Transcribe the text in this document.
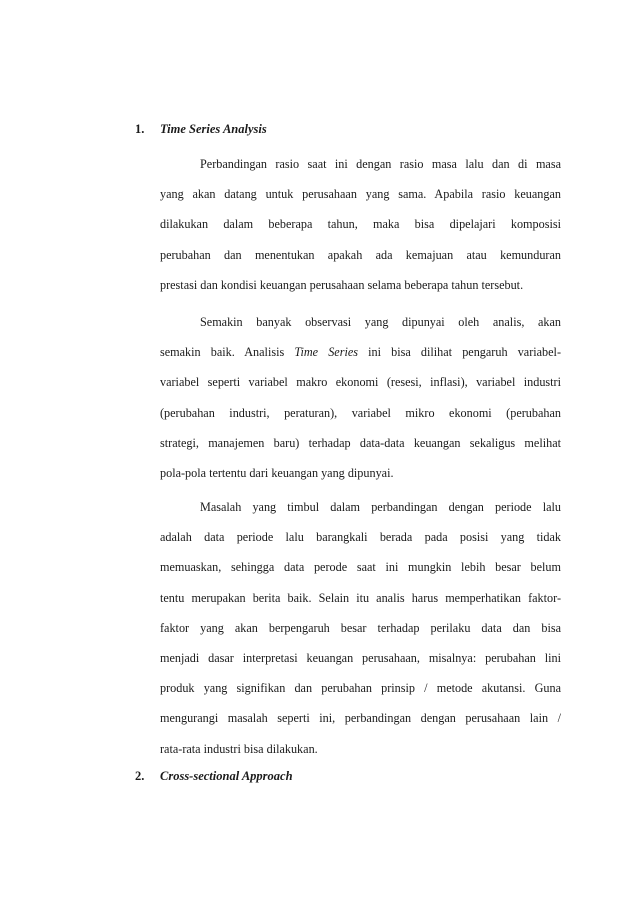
1. Time Series Analysis
Perbandingan rasio saat ini dengan rasio masa lalu dan di masa
yang akan datang untuk perusahaan yang sama. Apabila rasio keuangan
dilakukan dalam beberapa tahun, maka bisa dipelajari komposisi
perubahan dan menentukan apakah ada kemajuan atau kemunduran
prestasi dan kondisi keuangan perusahaan selama beberapa tahun tersebut.
Semakin banyak observasi yang dipunyai oleh analis, akan
semakin baik. Analisis Time Series ini bisa dilihat pengaruh variabel-
variabel seperti variabel makro ekonomi (resesi, inflasi), variabel industri
(perubahan industri, peraturan), variabel mikro ekonomi (perubahan
strategi, manajemen baru) terhadap data-data keuangan sekaligus melihat
pola-pola tertentu dari keuangan yang dipunyai.
Masalah yang timbul dalam perbandingan dengan periode lalu
adalah data periode lalu barangkali berada pada posisi yang tidak
memuaskan, sehingga data perode saat ini mungkin lebih besar belum
tentu merupakan berita baik. Selain itu analis harus memperhatikan faktor-
faktor yang akan berpengaruh besar terhadap perilaku data dan bisa
menjadi dasar interpretasi keuangan perusahaan, misalnya: perubahan lini
produk yang signifikan dan perubahan prinsip / metode akutansi. Guna
mengurangi masalah seperti ini, perbandingan dengan perusahaan lain /
rata-rata industri bisa dilakukan.
2. Cross-sectional Approach
